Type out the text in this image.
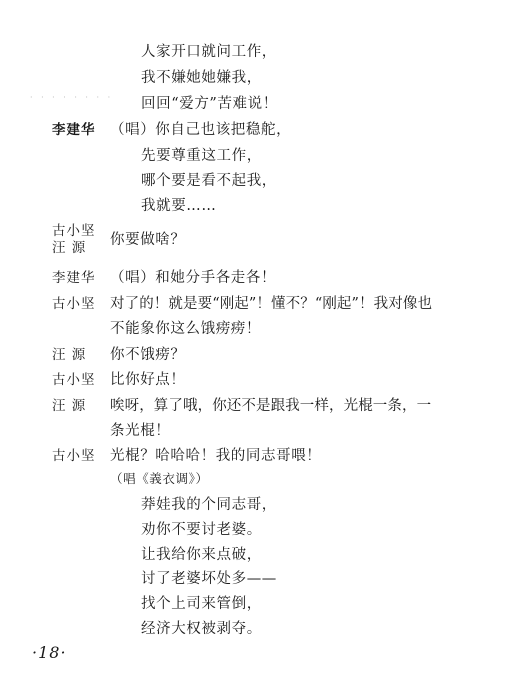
· · · · · · · ·
人家开口就问工作，
我不嫌她她嫌我，
回回“爱方”苦难说！
李建华 （唱）你自己也该把稳舵，
先要尊重这工作，
哪个要是看不起我，
我就要……
古小坚
汪 源 你要做啥？
李建华 （唱）和她分手各走各！
古小坚 对了的！就是要“刚起”！懂不？“刚起”！我对像也
不能象你这么饿痨痨！
汪 源 你不饿痨？
古小坚 比你好点！
汪 源 唉呀，算了哦，你还不是跟我一样，光棍一条，一
条光棍！
古小坚 光棍？哈哈哈！我的同志哥喂！
（唱《義衣调》）
莽娃我的个同志哥，
劝你不要讨老婆。
让我给你来点破，
讨了老婆坏处多——
找个上司来管倒，
经济大权被剥夺。
·18·
